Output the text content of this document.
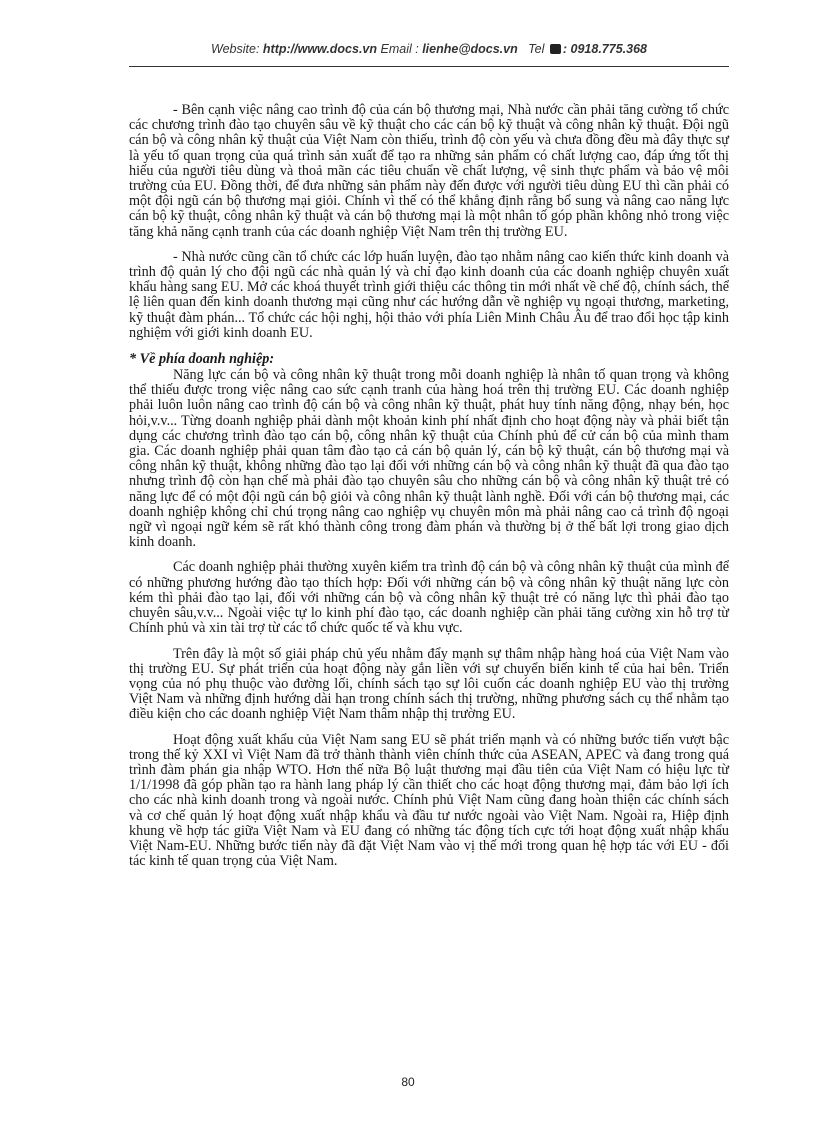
Website: http://www.docs.vn Email : lienhe@docs.vn Tel : 0918.775.368

- Bên cạnh việc nâng cao trình độ của cán bộ thương mại, Nhà nước cần phải tăng cường tổ chức các chương trình đào tạo chuyên sâu về kỹ thuật cho các cán bộ kỹ thuật và công nhân kỹ thuật. Đội ngũ cán bộ và công nhân kỹ thuật của Việt Nam còn thiếu, trình độ còn yếu và chưa đồng đều mà đây thực sự là yếu tố quan trọng của quá trình sản xuất để tạo ra những sản phẩm có chất lượng cao, đáp ứng tốt thị hiếu của người tiêu dùng và thoả mãn các tiêu chuẩn về chất lượng, vệ sinh thực phẩm và bảo vệ môi trường của EU. Đồng thời, để đưa những sản phẩm này đến được với người tiêu dùng EU thì cần phải có một đội ngũ cán bộ thương mại giỏi. Chính vì thế có thể khẳng định rằng bổ sung và nâng cao năng lực cán bộ kỹ thuật, công nhân kỹ thuật và cán bộ thương mại là một nhân tố góp phần không nhỏ trong việc tăng khả năng cạnh tranh của các doanh nghiệp Việt Nam trên thị trường EU.

- Nhà nước cũng cần tổ chức các lớp huấn luyện, đào tạo nhằm nâng cao kiến thức kinh doanh và trình độ quản lý cho đội ngũ các nhà quản lý và chỉ đạo kinh doanh của các doanh nghiệp chuyên xuất khẩu hàng sang EU. Mở các khoá thuyết trình giới thiệu các thông tin mới nhất về chế độ, chính sách, thể lệ liên quan đến kinh doanh thương mại cũng như các hướng dẫn về nghiệp vụ ngoại thương, marketing, kỹ thuật đàm phán... Tổ chức các hội nghị, hội thảo với phía Liên Minh Châu Âu để trao đổi học tập kinh nghiệm với giới kinh doanh EU.

* Về phía doanh nghiệp:

Năng lực cán bộ và công nhân kỹ thuật trong mỗi doanh nghiệp là nhân tố quan trọng và không thể thiếu được trong việc nâng cao sức cạnh tranh của hàng hoá trên thị trường EU. Các doanh nghiệp phải luôn luôn nâng cao trình độ cán bộ và công nhân kỹ thuật, phát huy tính năng động, nhạy bén, học hỏi,v.v... Từng doanh nghiệp phải dành một khoản kinh phí nhất định cho hoạt động này và phải biết tận dụng các chương trình đào tạo cán bộ, công nhân kỹ thuật của Chính phủ để cử cán bộ của mình tham gia. Các doanh nghiệp phải quan tâm đào tạo cả cán bộ quản lý, cán bộ kỹ thuật, cán bộ thương mại và công nhân kỹ thuật, không những đào tạo lại đối với những cán bộ và công nhân kỹ thuật đã qua đào tạo nhưng trình độ còn hạn chế mà phải đào tạo chuyên sâu cho những cán bộ và công nhân kỹ thuật trẻ có năng lực để có một đội ngũ cán bộ giỏi và công nhân kỹ thuật lành nghề. Đối với cán bộ thương mại, các doanh nghiệp không chỉ chú trọng nâng cao nghiệp vụ chuyên môn mà phải nâng cao cả trình độ ngoại ngữ vì ngoại ngữ kém sẽ rất khó thành công trong đàm phán và thường bị ở thế bất lợi trong giao dịch kinh doanh.

Các doanh nghiệp phải thường xuyên kiểm tra trình độ cán bộ và công nhân kỹ thuật của mình để có những phương hướng đào tạo thích hợp: Đối với những cán bộ và công nhân kỹ thuật năng lực còn kém thì phải đào tạo lại, đối với những cán bộ và công nhân kỹ thuật trẻ có năng lực thì phải đào tạo chuyên sâu,v.v... Ngoài việc tự lo kinh phí đào tạo, các doanh nghiệp cần phải tăng cường xin hỗ trợ từ Chính phủ và xin tài trợ từ các tổ chức quốc tế và khu vực.

Trên đây là một số giải pháp chủ yếu nhằm đẩy mạnh sự thâm nhập hàng hoá của Việt Nam vào thị trường EU. Sự phát triển của hoạt động này gắn liền với sự chuyển biến kinh tế của hai bên. Triển vọng của nó phụ thuộc vào đường lối, chính sách tạo sự lôi cuốn các doanh nghiệp EU vào thị trường Việt Nam và những định hướng dài hạn trong chính sách thị trường, những phương sách cụ thể nhằm tạo điều kiện cho các doanh nghiệp Việt Nam thâm nhập thị trường EU.

Hoạt động xuất khẩu của Việt Nam sang EU sẽ phát triển mạnh và có những bước tiến vượt bậc trong thế kỷ XXI vì Việt Nam đã trở thành thành viên chính thức của ASEAN, APEC và đang trong quá trình đàm phán gia nhập WTO. Hơn thế nữa Bộ luật thương mại đầu tiên của Việt Nam có hiệu lực từ 1/1/1998 đã góp phần tạo ra hành lang pháp lý cần thiết cho các hoạt động thương mại, đảm bảo lợi ích cho các nhà kinh doanh trong và ngoài nước. Chính phủ Việt Nam cũng đang hoàn thiện các chính sách và cơ chế quản lý hoạt động xuất nhập khẩu và đầu tư nước ngoài vào Việt Nam. Ngoài ra, Hiệp định khung về hợp tác giữa Việt Nam và EU đang có những tác động tích cực tới hoạt động xuất nhập khẩu Việt Nam-EU. Những bước tiến này đã đặt Việt Nam vào vị thế mới trong quan hệ hợp tác với EU - đối tác kinh tế quan trọng của Việt Nam.

80
